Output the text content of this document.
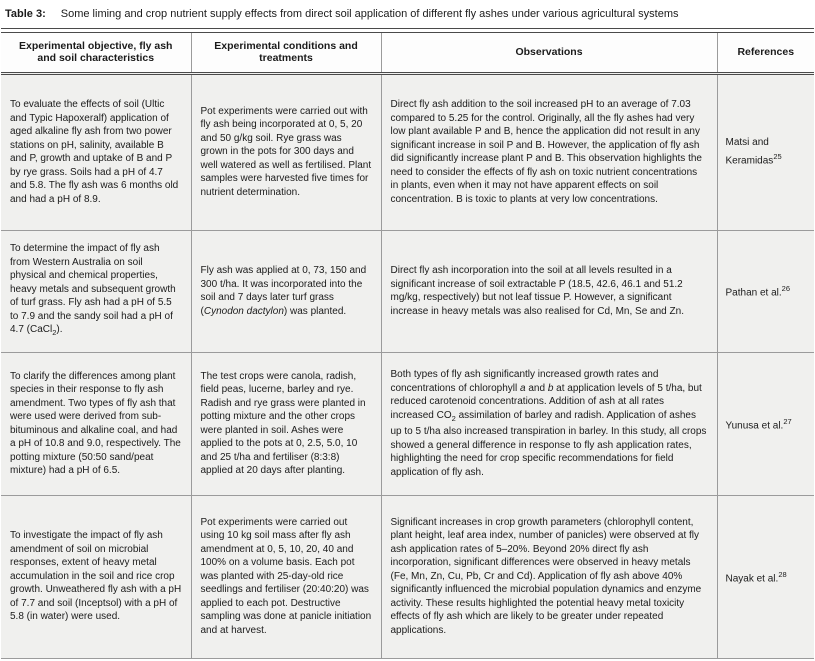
Table 3: Some liming and crop nutrient supply effects from direct soil application of different fly ashes under various agricultural systems
Experimental objective, fly ash and soil characteristics	Experimental conditions and treatments	Observations	References
To evaluate the effects of soil (Ultic and Typic Hapoxeralf) application of aged alkaline fly ash from two power stations on pH, salinity, available B and P, growth and uptake of B and P by rye grass. Soils had a pH of 4.7 and 5.8. The fly ash was 6 months old and had a pH of 8.9.	Pot experiments were carried out with fly ash being incorporated at 0, 5, 20 and 50 g/kg soil. Rye grass was grown in the pots for 300 days and well watered as well as fertilised. Plant samples were harvested five times for nutrient determination.	Direct fly ash addition to the soil increased pH to an average of 7.03 compared to 5.25 for the control. Originally, all the fly ashes had very low plant available P and B, hence the application did not result in any significant increase in soil P and B. However, the application of fly ash did significantly increase plant P and B. This observation highlights the need to consider the effects of fly ash on toxic nutrient concentrations in plants, even when it may not have apparent effects on soil concentration. B is toxic to plants at very low concentrations.	Matsi and Keramidas$^{25}$
To determine the impact of fly ash from Western Australia on soil physical and chemical properties, heavy metals and subsequent growth of turf grass. Fly ash had a pH of 5.5 to 7.9 and the sandy soil had a pH of 4.7 (CaCl$_2$).	Fly ash was applied at 0, 73, 150 and 300 t/ha. It was incorporated into the soil and 7 days later turf grass (Cynodon dactylon) was planted.	Direct fly ash incorporation into the soil at all levels resulted in a significant increase of soil extractable P (18.5, 42.6, 46.1 and 51.2 mg/kg, respectively) but not leaf tissue P. However, a significant increase in heavy metals was also realised for Cd, Mn, Se and Zn.	Pathan et al.$^{26}$
To clarify the differences among plant species in their response to fly ash amendment. Two types of fly ash that were used were derived from sub-bituminous and alkaline coal, and had a pH of 10.8 and 9.0, respectively. The potting mixture (50:50 sand/peat mixture) had a pH of 6.5.	The test crops were canola, radish, field peas, lucerne, barley and rye. Radish and rye grass were planted in potting mixture and the other crops were planted in soil. Ashes were applied to the pots at 0, 2.5, 5.0, 10 and 25 t/ha and fertiliser (8:3:8) applied at 20 days after planting.	Both types of fly ash significantly increased growth rates and concentrations of chlorophyll a and b at application levels of 5 t/ha, but reduced carotenoid concentrations. Addition of ash at all rates increased $CO_2$ assimilation of barley and radish. Application of ashes up to 5 t/ha also increased transpiration in barley. In this study, all crops showed a general difference in response to fly ash application rates, highlighting the need for crop specific recommendations for field application of fly ash.	Yunusa et al.$^{27}$
To investigate the impact of fly ash amendment of soil on microbial responses, extent of heavy metal accumulation in the soil and rice crop growth. Unweathered fly ash with a pH of 7.7 and soil (Inceptsol) with a pH of 5.8 (in water) were used.	Pot experiments were carried out using 10 kg soil mass after fly ash amendment at 0, 5, 10, 20, 40 and 100% on a volume basis. Each pot was planted with 25-day-old rice seedlings and fertiliser (20:40:20) was applied to each pot. Destructive sampling was done at panicle initiation and at harvest.	Significant increases in crop growth parameters (chlorophyll content, plant height, leaf area index, number of panicles) were observed at fly ash application rates of 5–20%. Beyond 20% direct fly ash incorporation, significant differences were observed in heavy metals (Fe, Mn, Zn, Cu, Pb, Cr and Cd). Application of fly ash above 40% significantly influenced the microbial population dynamics and enzyme activity. These results highlighted the potential heavy metal toxicity effects of fly ash which are likely to be greater under repeated applications.	Nayak et al.$^{28}$
